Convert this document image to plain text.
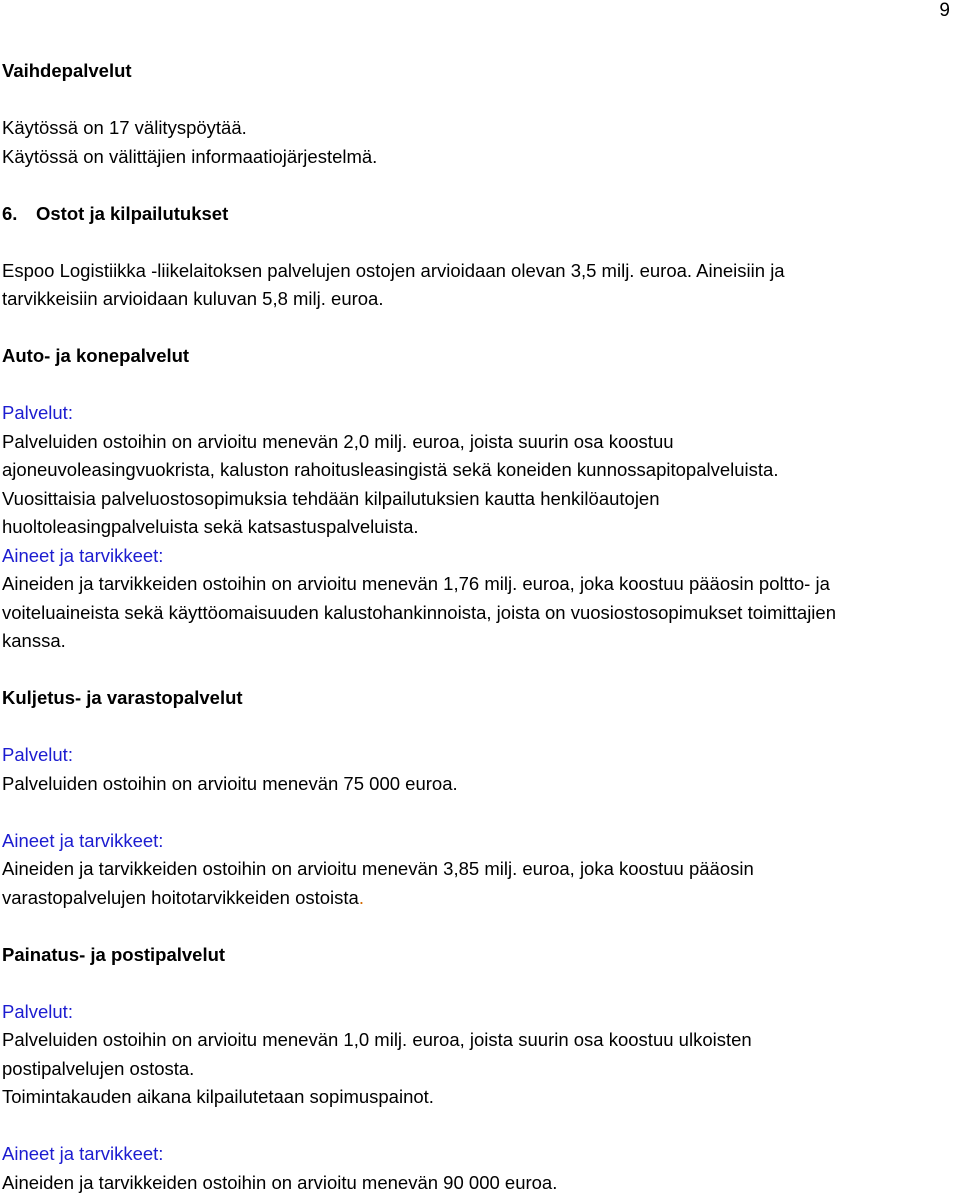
9

Vaihdepalvelut

Käytössä on 17 välityspöytää.

Käytössä on välittäjien informaatiojärjestelmä.

6. Ostot ja kilpailutukset

Espoo Logistiikka -liikelaitoksen palvelujen ostojen arvioidaan olevan 3,5 milj. euroa. Aineisiin ja

tarvikkeisiin arvioidaan kuluvan 5,8 milj. euroa.

Auto- ja konepalvelut

Palvelut:

Palveluiden ostoihin on arvioitu menevän 2,0 milj. euroa, joista suurin osa koostuu

ajoneuvoleasingvuokrista, kaluston rahoitusleasingistä sekä koneiden kunnossapitopalveluista.

Vuosittaisia palveluostosopimuksia tehdään kilpailutuksien kautta henkilöautojen

huoltoleasingpalveluista sekä katsastuspalveluista.

Aineet ja tarvikkeet:

Aineiden ja tarvikkeiden ostoihin on arvioitu menevän 1,76 milj. euroa, joka koostuu pääosin poltto- ja

voiteluaineista sekä käyttöomaisuuden kalustohankinnoista, joista on vuosiostosopimukset toimittajien

kanssa.

Kuljetus- ja varastopalvelut

Palvelut:

Palveluiden ostoihin on arvioitu menevän 75 000 euroa.

Aineet ja tarvikkeet:

Aineiden ja tarvikkeiden ostoihin on arvioitu menevän 3,85 milj. euroa, joka koostuu pääosin

varastopalvelujen hoitotarvikkeiden ostoista.

Painatus- ja postipalvelut

Palvelut:

Palveluiden ostoihin on arvioitu menevän 1,0 milj. euroa, joista suurin osa koostuu ulkoisten

postipalvelujen ostosta.

Toimintakauden aikana kilpailutetaan sopimuspainot.

Aineet ja tarvikkeet:

Aineiden ja tarvikkeiden ostoihin on arvioitu menevän 90 000 euroa.
